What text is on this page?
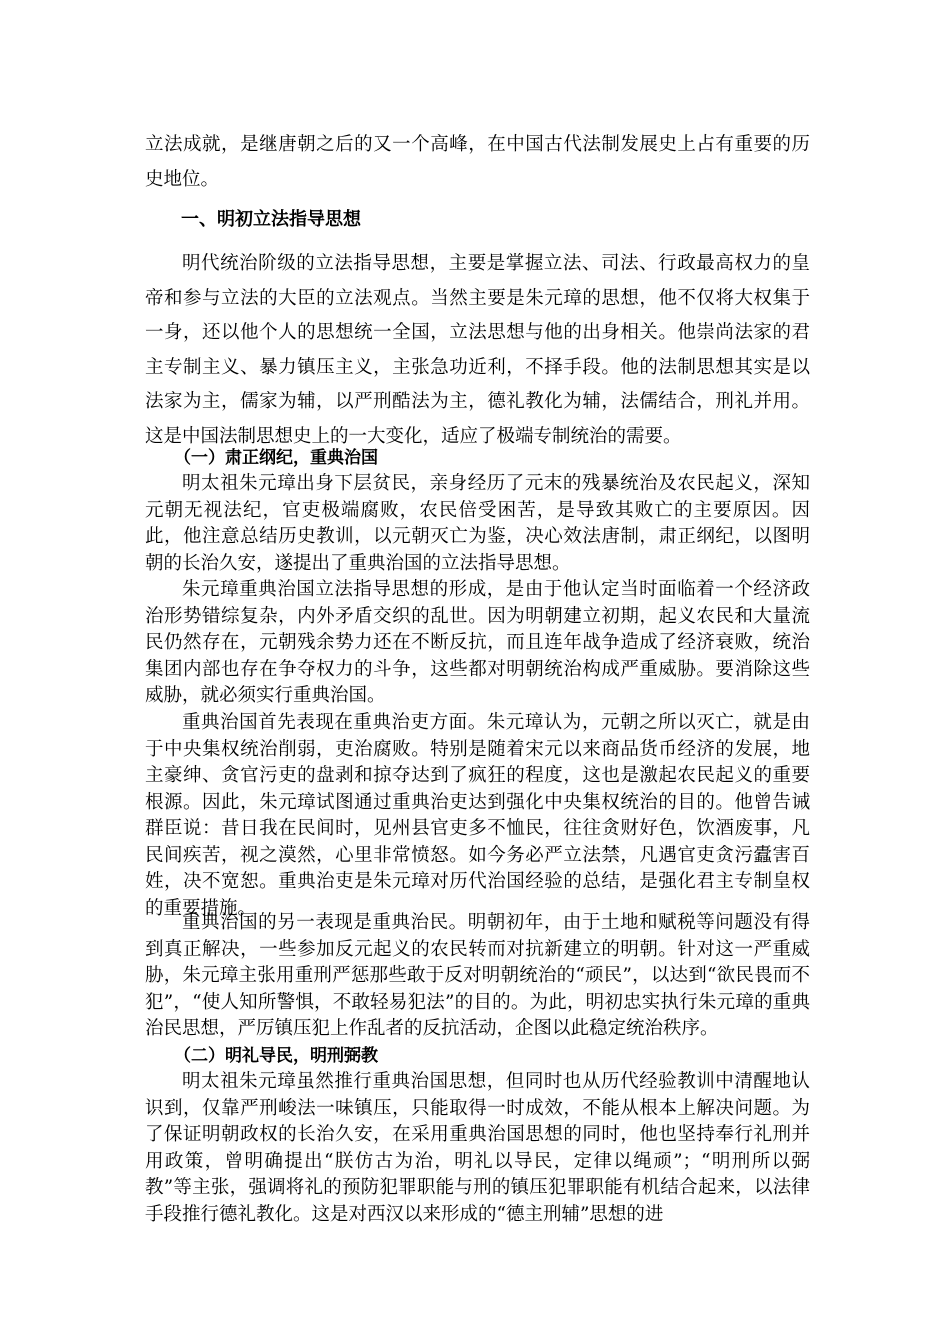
立法成就，是继唐朝之后的又一个高峰，在中国古代法制发展史上占有重要的历史地位。

一、明初立法指导思想

明代统治阶级的立法指导思想，主要是掌握立法、司法、行政最高权力的皇帝和参与立法的大臣的立法观点。当然主要是朱元璋的思想，他不仅将大权集于一身，还以他个人的思想统一全国，立法思想与他的出身相关。他崇尚法家的君主专制主义、暴力镇压主义，主张急功近利，不择手段。他的法制思想其实是以法家为主，儒家为辅，以严刑酷法为主，德礼教化为辅，法儒结合，刑礼并用。这是中国法制思想史上的一大变化，适应了极端专制统治的需要。

（一）肃正纲纪，重典治国

明太祖朱元璋出身下层贫民，亲身经历了元末的残暴统治及农民起义，深知元朝无视法纪，官吏极端腐败，农民倍受困苦，是导致其败亡的主要原因。因此，他注意总结历史教训，以元朝灭亡为鉴，决心效法唐制，肃正纲纪，以图明朝的长治久安，遂提出了重典治国的立法指导思想。

朱元璋重典治国立法指导思想的形成，是由于他认定当时面临着一个经济政治形势错综复杂，内外矛盾交织的乱世。因为明朝建立初期，起义农民和大量流民仍然存在，元朝残余势力还在不断反抗，而且连年战争造成了经济衰败，统治集团内部也存在争夺权力的斗争，这些都对明朝统治构成严重威胁。要消除这些威胁，就必须实行重典治国。

重典治国首先表现在重典治吏方面。朱元璋认为，元朝之所以灭亡，就是由于中央集权统治削弱，吏治腐败。特别是随着宋元以来商品货币经济的发展，地主豪绅、贪官污吏的盘剥和掠夺达到了疯狂的程度，这也是激起农民起义的重要根源。因此，朱元璋试图通过重典治吏达到强化中央集权统治的目的。他曾告诫群臣说：昔日我在民间时，见州县官吏多不恤民，往往贪财好色，饮酒废事，凡民间疾苦，视之漠然，心里非常愤怒。如今务必严立法禁，凡遇官吏贪污蠹害百姓，决不宽恕。重典治吏是朱元璋对历代治国经验的总结，是强化君主专制皇权的重要措施。

重典治国的另一表现是重典治民。明朝初年，由于土地和赋税等问题没有得到真正解决，一些参加反元起义的农民转而对抗新建立的明朝。针对这一严重威胁，朱元璋主张用重刑严惩那些敢于反对明朝统治的“顽民”，以达到“欲民畏而不犯”，“使人知所警惧，不敢轻易犯法”的目的。为此，明初忠实执行朱元璋的重典治民思想，严厉镇压犯上作乱者的反抗活动，企图以此稳定统治秩序。

（二）明礼导民，明刑弼教

明太祖朱元璋虽然推行重典治国思想，但同时也从历代经验教训中清醒地认识到，仅靠严刑峻法一味镇压，只能取得一时成效，不能从根本上解决问题。为了保证明朝政权的长治久安，在采用重典治国思想的同时，他也坚持奉行礼刑并用政策，曾明确提出“朕仿古为治，明礼以导民，定律以绳顽”；“明刑所以弼教”等主张，强调将礼的预防犯罪职能与刑的镇压犯罪职能有机结合起来，以法律手段推行德礼教化。这是对西汉以来形成的“德主刑辅”思想的进
